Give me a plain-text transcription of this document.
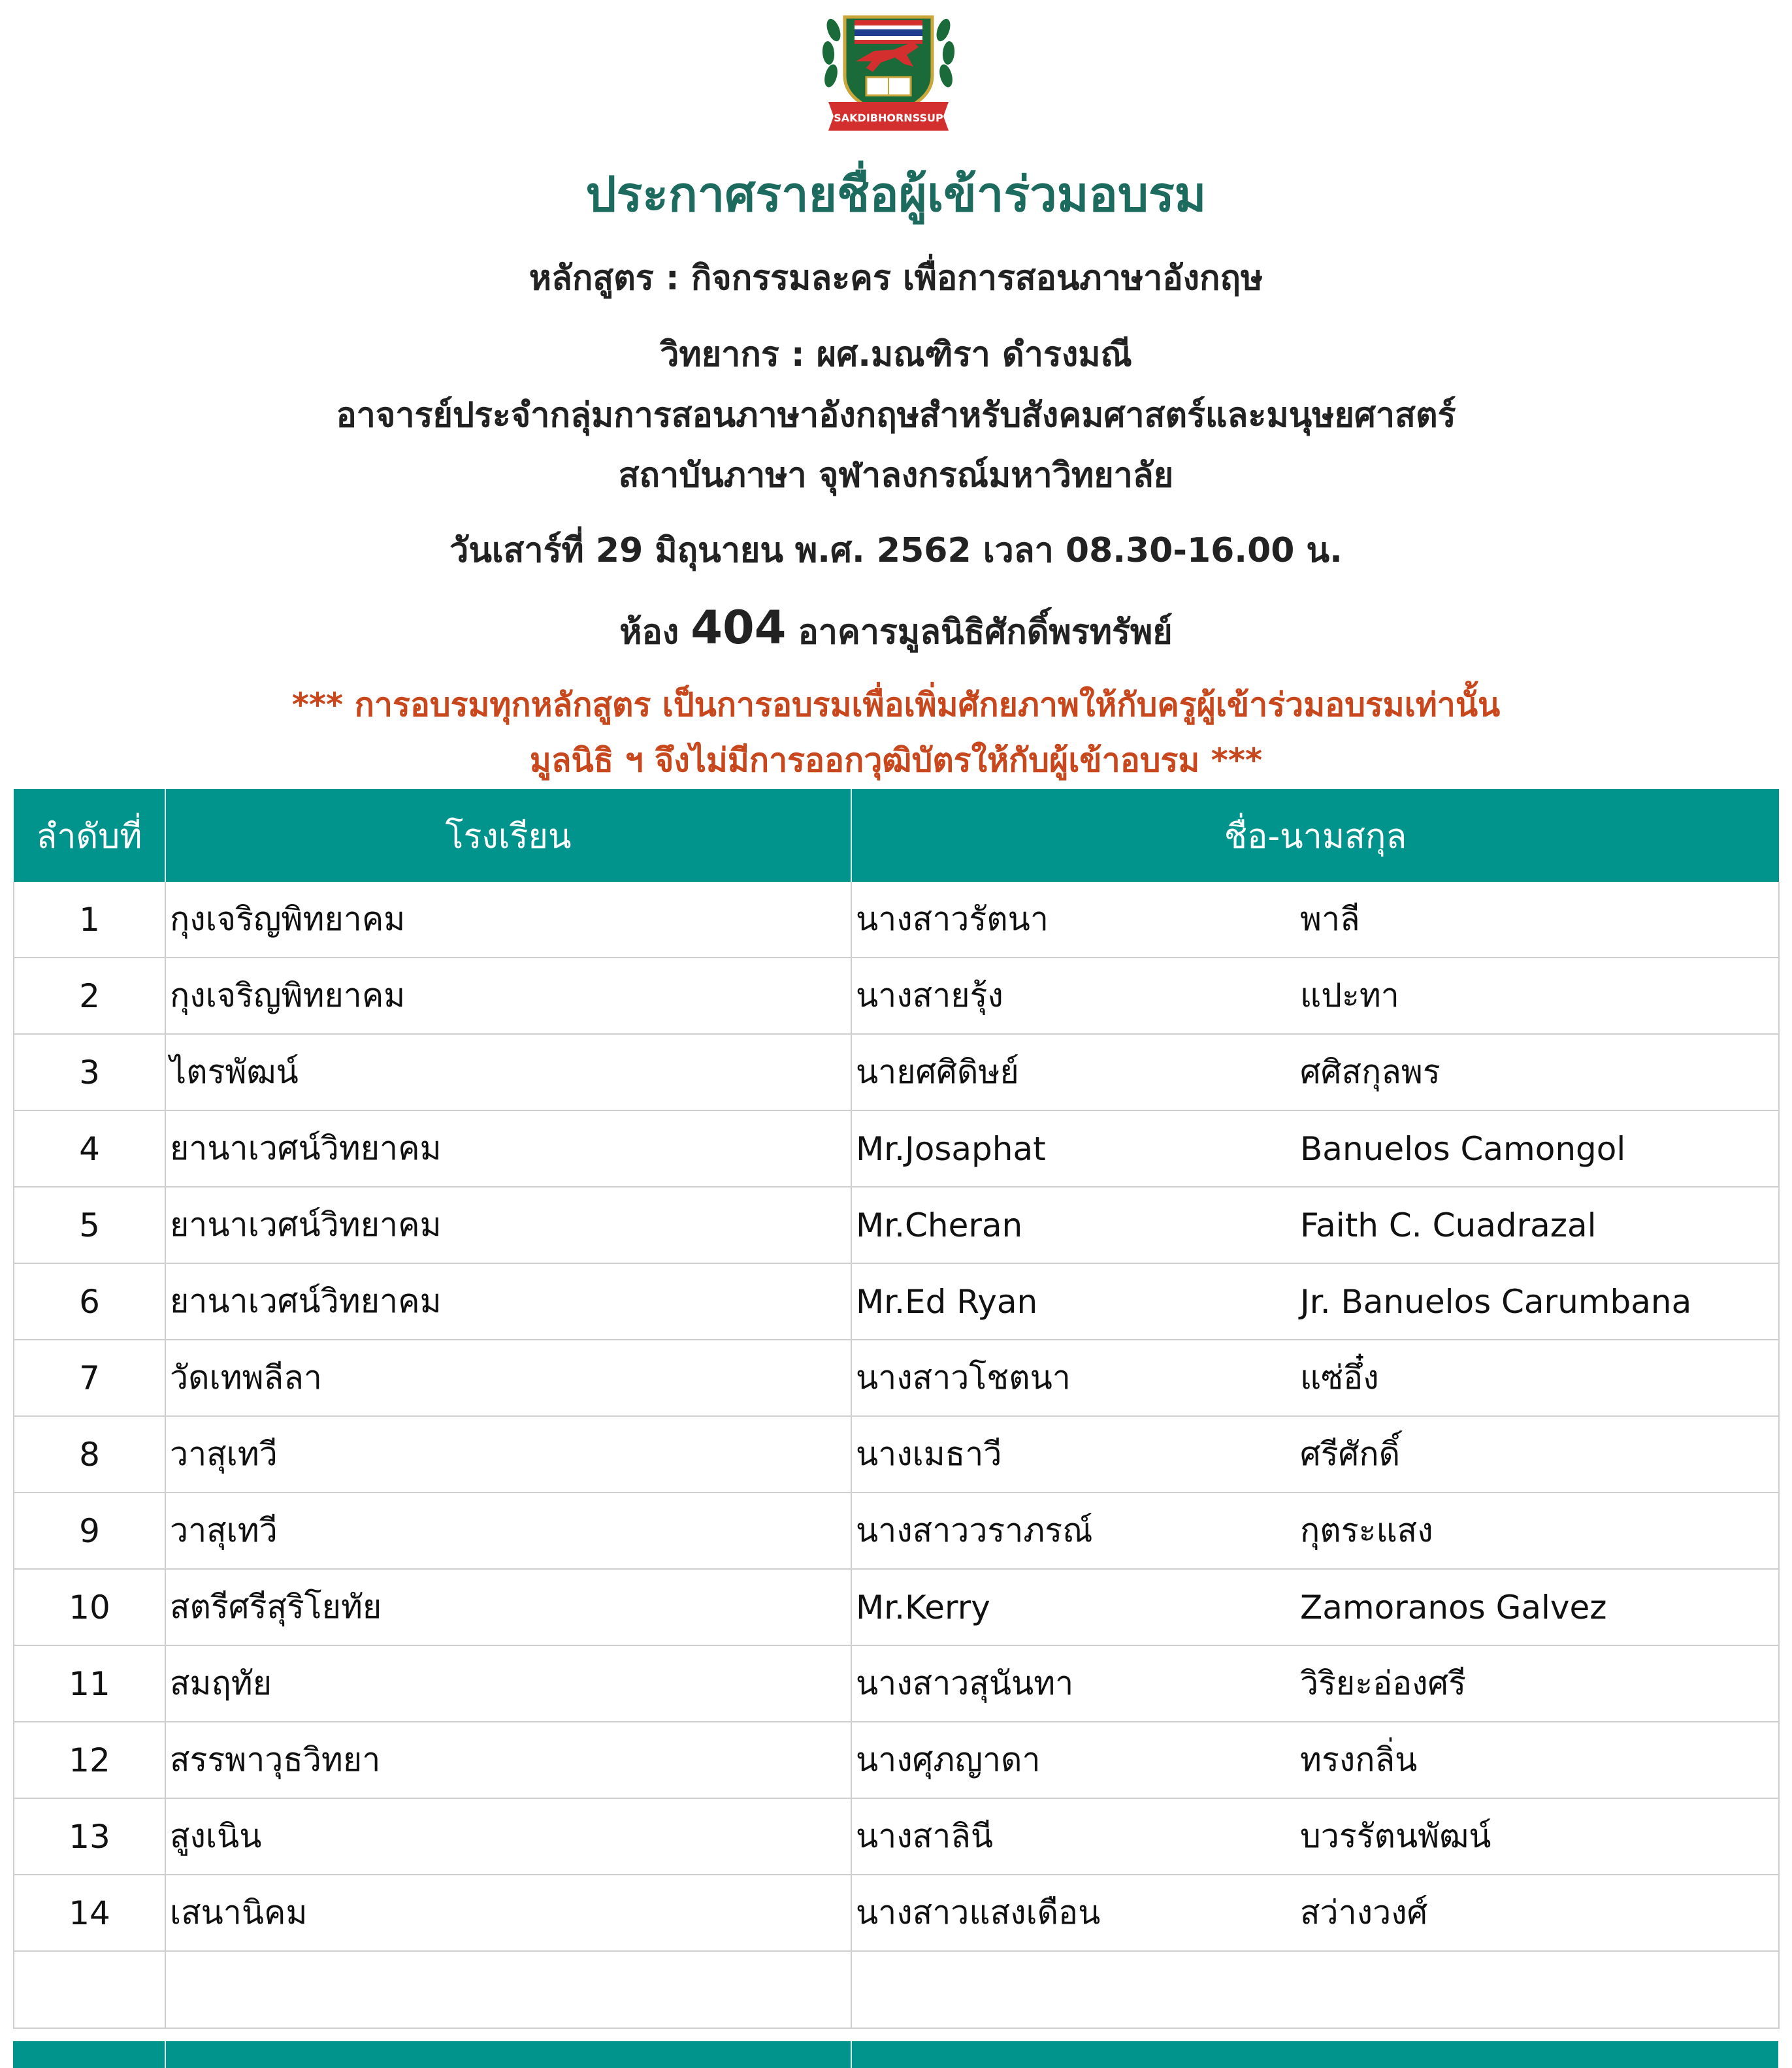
SAKDIBHORNSSUP
ประกาศรายชื่อผู้เข้าร่วมอบรม
หลักสูตร : กิจกรรมละคร เพื่อการสอนภาษาอังกฤษ
วิทยากร : ผศ.มณฑิรา ดำรงมณี
อาจารย์ประจำกลุ่มการสอนภาษาอังกฤษสำหรับสังคมศาสตร์และมนุษยศาสตร์
สถาบันภาษา จุฬาลงกรณ์มหาวิทยาลัย
วันเสาร์ที่ 29 มิถุนายน พ.ศ. 2562 เวลา 08.30-16.00 น.
ห้อง 404 อาคารมูลนิธิศักดิ์พรทรัพย์
*** การอบรมทุกหลักสูตร เป็นการอบรมเพื่อเพิ่มศักยภาพให้กับครูผู้เข้าร่วมอบรมเท่านั้น
มูลนิธิ ฯ จึงไม่มีการออกวุฒิบัตรให้กับผู้เข้าอบรม ***
ลำดับที่	โรงเรียน	ชื่อ-นามสกุล
1	กุงเจริญพิทยาคม	นางสาวรัตนา พาลี
2	กุงเจริญพิทยาคม	นางสายรุ้ง แปะทา
3	ไตรพัฒน์	นายศศิดิษย์ ศศิสกุลพร
4	ยานาเวศน์วิทยาคม	Mr.Josaphat Banuelos Camongol
5	ยานาเวศน์วิทยาคม	Mr.Cheran Faith C. Cuadrazal
6	ยานาเวศน์วิทยาคม	Mr.Ed Ryan Jr. Banuelos Carumbana
7	วัดเทพลีลา	นางสาวโชตนา แซ่อึ๋ง
8	วาสุเทวี	นางเมธาวี ศรีศักดิ์
9	วาสุเทวี	นางสาววราภรณ์ กุตระแสง
10	สตรีศรีสุริโยทัย	Mr.Kerry Zamoranos Galvez
11	สมฤทัย	นางสาวสุนันทา วิริยะอ่องศรี
12	สรรพาวุธวิทยา	นางศุภญาดา ทรงกลิ่น
13	สูงเนิน	นางสาลินี บวรรัตนพัฒน์
14	เสนานิคม	นางสาวแสงเดือน สว่างวงศ์
